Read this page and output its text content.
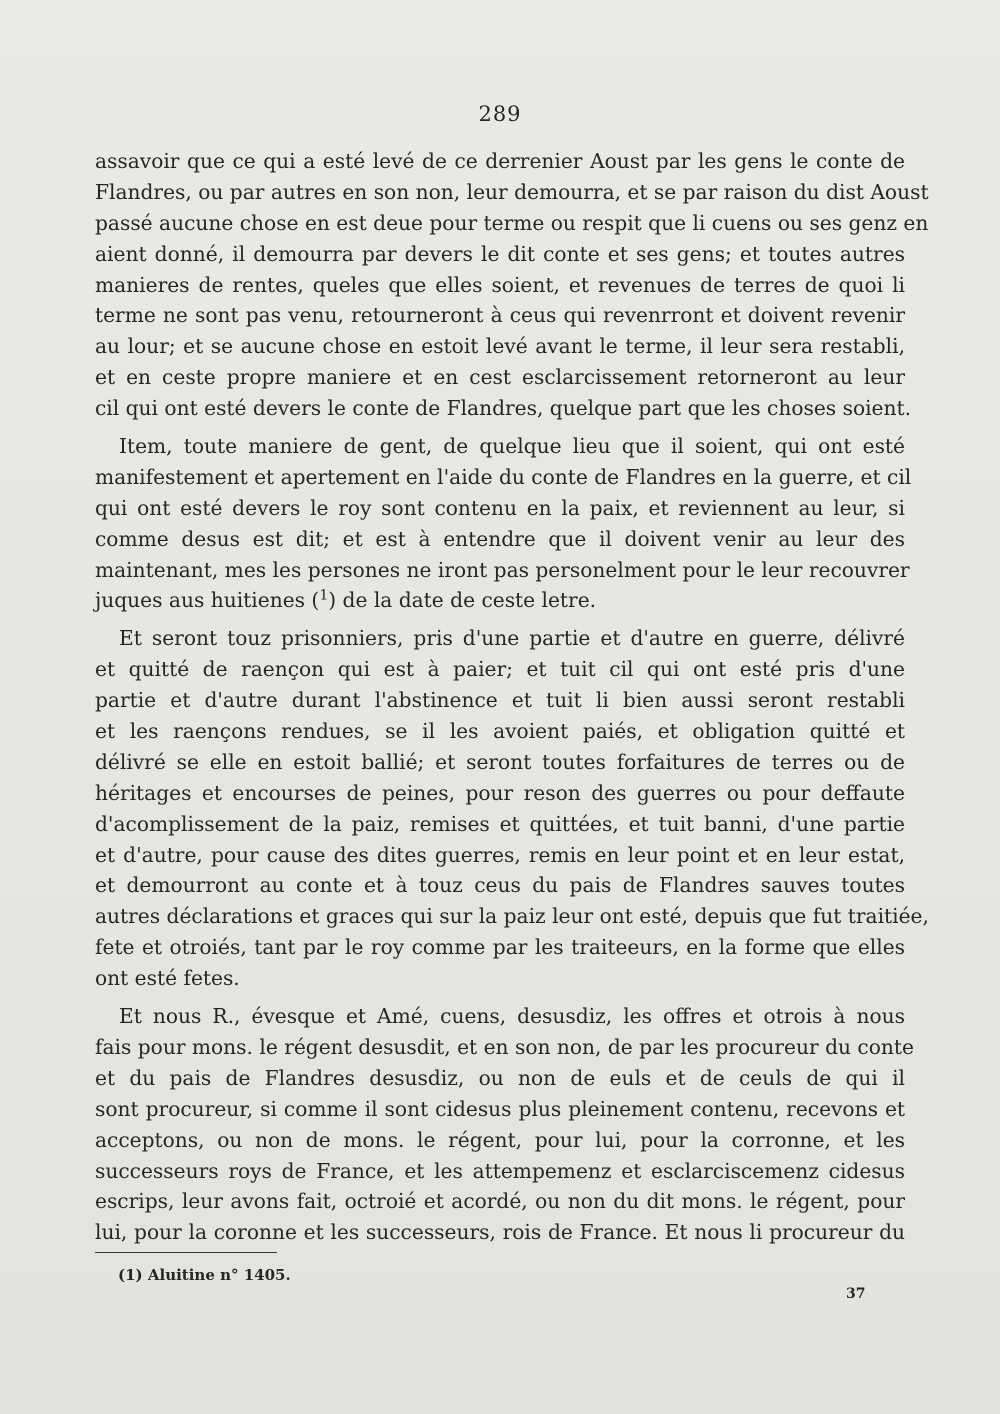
289
assavoir que ce qui a esté levé de ce derrenier Aoust par les gens le conte de
Flandres, ou par autres en son non, leur demourra, et se par raison du dist Aoust
passé aucune chose en est deue pour terme ou respit que li cuens ou ses genz en
aient donné, il demourra par devers le dit conte et ses gens; et toutes autres
manieres de rentes, queles que elles soient, et revenues de terres de quoi li
terme ne sont pas venu, retourneront à ceus qui revenrront et doivent revenir
au lour; et se aucune chose en estoit levé avant le terme, il leur sera restabli,
et en ceste propre maniere et en cest esclarcissement retorneront au leur
cil qui ont esté devers le conte de Flandres, quelque part que les choses soient.
Item, toute maniere de gent, de quelque lieu que il soient, qui ont esté
manifestement et apertement en l'aide du conte de Flandres en la guerre, et cil
qui ont esté devers le roy sont contenu en la paix, et reviennent au leur, si
comme desus est dit; et est à entendre que il doivent venir au leur des
maintenant, mes les persones ne iront pas personelment pour le leur recouvrer
juques aus huitienes ($^1$) de la date de ceste letre.
Et seront touz prisonniers, pris d'une partie et d'autre en guerre, délivré
et quitté de raençon qui est à paier; et tuit cil qui ont esté pris d'une
partie et d'autre durant l'abstinence et tuit li bien aussi seront restabli
et les raençons rendues, se il les avoient paiés, et obligation quitté et
délivré se elle en estoit ballié; et seront toutes forfaitures de terres ou de
héritages et encourses de peines, pour reson des guerres ou pour deffaute
d'acomplissement de la paiz, remises et quittées, et tuit banni, d'une partie
et d'autre, pour cause des dites guerres, remis en leur point et en leur estat,
et demourront au conte et à touz ceus du pais de Flandres sauves toutes
autres déclarations et graces qui sur la paiz leur ont esté, depuis que fut traitiée,
fete et otroiés, tant par le roy comme par les traiteeurs, en la forme que elles
ont esté fetes.
Et nous R., évesque et Amé, cuens, desusdiz, les offres et otrois à nous
fais pour mons. le régent desusdit, et en son non, de par les procureur du conte
et du pais de Flandres desusdiz, ou non de euls et de ceuls de qui il
sont procureur, si comme il sont cidesus plus pleinement contenu, recevons et
acceptons, ou non de mons. le régent, pour lui, pour la corronne, et les
successeurs roys de France, et les attempemenz et esclarciscemenz cidesus
escrips, leur avons fait, octroié et acordé, ou non du dit mons. le régent, pour
lui, pour la coronne et les successeurs, rois de France. Et nous li procureur du
(1) Aluitine n° 1405.
37
